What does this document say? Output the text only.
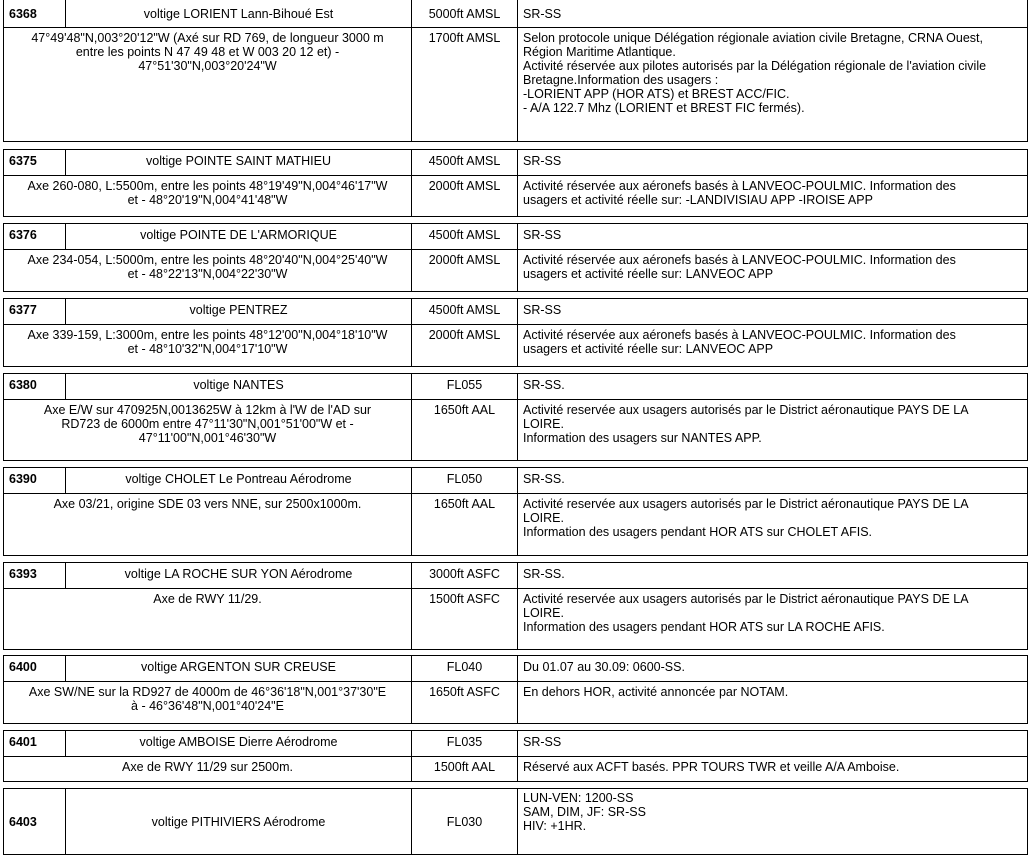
6368	voltige LORIENT Lann-Bihoué Est	5000ft AMSL	SR-SS
47°49'48"N,003°20'12"W (Axé sur RD 769, de longueur 3000 m
entre les points N 47 49 48 et W 003 20 12 et) -
47°51'30"N,003°20'24"W
1700ft AMSL	Selon protocole unique Délégation régionale aviation civile Bretagne, CRNA Ouest,
Région Maritime Atlantique.
Activité réservée aux pilotes autorisés par la Délégation régionale de l'aviation civile
Bretagne.Information des usagers :
-LORIENT APP (HOR ATS) et BREST ACC/FIC.
- A/A 122.7 Mhz (LORIENT et BREST FIC fermés).
6375	voltige POINTE SAINT MATHIEU	4500ft AMSL	SR-SS
Axe 260-080, L:5500m, entre les points 48°19'49"N,004°46'17"W
et - 48°20'19"N,004°41'48"W
2000ft AMSL	Activité réservée aux aéronefs basés à LANVEOC-POULMIC. Information des
usagers et activité réelle sur: -LANDIVISIAU APP -IROISE APP
6376	voltige POINTE DE L'ARMORIQUE	4500ft AMSL	SR-SS
Axe 234-054, L:5000m, entre les points 48°20'40"N,004°25'40"W
et - 48°22'13"N,004°22'30"W
2000ft AMSL	Activité réservée aux aéronefs basés à LANVEOC-POULMIC. Information des
usagers et activité réelle sur: LANVEOC APP
6377	voltige PENTREZ	4500ft AMSL	SR-SS
Axe 339-159, L:3000m, entre les points 48°12'00"N,004°18'10"W
et - 48°10'32"N,004°17'10"W
2000ft AMSL	Activité réservée aux aéronefs basés à LANVEOC-POULMIC. Information des
usagers et activité réelle sur: LANVEOC APP
6380	voltige NANTES	FL055	SR-SS.
Axe E/W sur 470925N,0013625W à 12km à l'W de l'AD sur
RD723 de 6000m entre 47°11'30"N,001°51'00"W et -
47°11'00"N,001°46'30"W
1650ft AAL	Activité reservée aux usagers autorisés par le District aéronautique PAYS DE LA
LOIRE.
Information des usagers sur NANTES APP.
6390	voltige CHOLET Le Pontreau Aérodrome	FL050	SR-SS.
Axe 03/21, origine SDE 03 vers NNE, sur 2500x1000m.	1650ft AAL	Activité reservée aux usagers autorisés par le District aéronautique PAYS DE LA
LOIRE.
Information des usagers pendant HOR ATS sur CHOLET AFIS.
6393	voltige LA ROCHE SUR YON Aérodrome	3000ft ASFC	SR-SS.
Axe de RWY 11/29.	1500ft ASFC	Activité reservée aux usagers autorisés par le District aéronautique PAYS DE LA
LOIRE.
Information des usagers pendant HOR ATS sur LA ROCHE AFIS.
6400	voltige ARGENTON SUR CREUSE	FL040	Du 01.07 au 30.09: 0600-SS.
Axe SW/NE sur la RD927 de 4000m de 46°36'18"N,001°37'30"E
à - 46°36'48"N,001°40'24"E
1650ft ASFC	En dehors HOR, activité annoncée par NOTAM.
6401	voltige AMBOISE Dierre Aérodrome	FL035	SR-SS
Axe de RWY 11/29 sur 2500m.	1500ft AAL	Réservé aux ACFT basés. PPR TOURS TWR et veille A/A Amboise.
6403	voltige PITHIVIERS Aérodrome	FL030
LUN-VEN: 1200-SS
SAM, DIM, JF: SR-SS
HIV: +1HR.
